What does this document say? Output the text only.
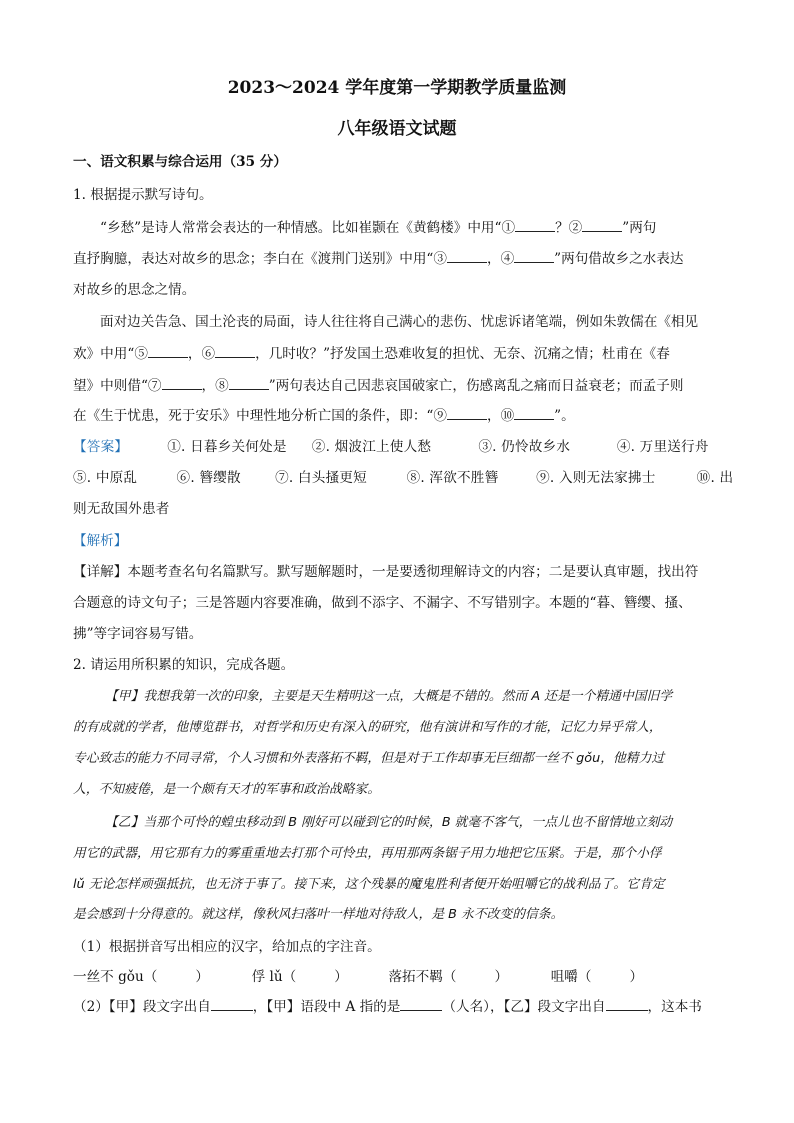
2023～2024 学年度第一学期教学质量监测
八年级语文试题
一、语文积累与综合运用（35 分）
1. 根据提示默写诗句。
“乡愁”是诗人常常会表达的一种情感。比如崔颢在《黄鹤楼》中用“①	？②	”两句
直抒胸臆，表达对故乡的思念；李白在《渡荆门送别》中用“③	，④	”两句借故乡之水表达
对故乡的思念之情。
面对边关告急、国土沦丧的局面，诗人往往将自己满心的悲伤、忧虑诉诸笔端，例如朱敦儒在《相见
欢》中用“⑤	，⑥	，几时收？”抒发国土恐难收复的担忧、无奈、沉痛之情；杜甫在《春
望》中则借“⑦	，⑧	”两句表达自己因悲哀国破家亡，伤感离乱之痛而日益衰老；而孟子则
在《生于忧患，死于安乐》中理性地分析亡国的条件，即：“⑨	，⑩	”。
【答案】	①. 日暮乡关何处是 ②. 烟波江上使人愁	③. 仍怜故乡水	④. 万里送行舟
⑤. 中原乱	⑥. 簪缨散	⑦. 白头搔更短	⑧. 浑欲不胜簪	⑨. 入则无法家拂士	⑩. 出
则无敌国外患者
【解析】
【详解】本题考查名句名篇默写。默写题解题时，一是要透彻理解诗文的内容；二是要认真审题，找出符
合题意的诗文句子；三是答题内容要准确，做到不添字、不漏字、不写错别字。本题的“暮、簪缨、搔、
拂”等字词容易写错。
2. 请运用所积累的知识，完成各题。
【甲】我想我第一次的印象，主要是天生精明这一点，大概是不错的。然而 A 还是一个精通中国旧学
的有成就的学者，他博览群书，对哲学和历史有深入的研究，他有演讲和写作的才能，记忆力异乎常人，
专心致志的能力不同寻常，个人习惯和外表落拓不羁，但是对于工作却事无巨细都一丝不 gǒu，他精力过
人，不知疲倦，是一个颇有天才的军事和政治战略家。
【乙】当那个可怜的蝗虫移动到 B 刚好可以碰到它的时候，B 就毫不客气，一点儿也不留情地立刻动
用它的武器，用它那有力的雾重重地去打那个可怜虫，再用那两条锯子用力地把它压紧。于是，那个小俘
lǔ 无论怎样顽强抵抗，也无济于事了。接下来，这个残暴的魔鬼胜利者便开始咀嚼它的战利品了。它肯定
是会感到十分得意的。就这样，像秋风扫落叶一样地对待敌人，是 B 永不改变的信条。
（1）根据拼音写出相应的汉字，给加点的字注音。
一丝不 gǒu（	）	俘 lǔ（	）	落拓不羁（	）	咀嚼（	）
（2）【甲】段文字出自	，【甲】语段中 A 指的是	（人名），【乙】段文字出自	，这本书
